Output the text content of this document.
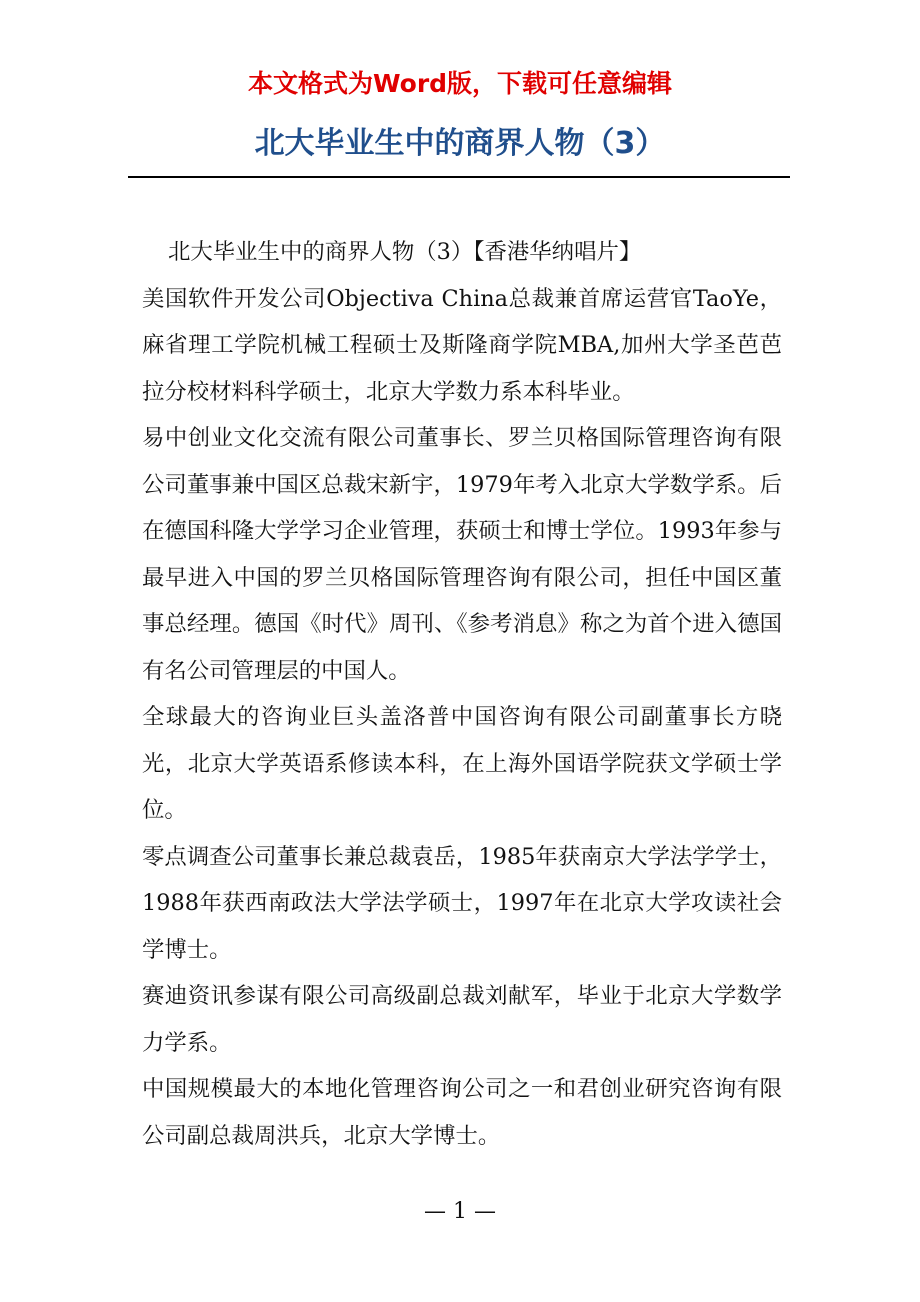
本文格式为Word版，下载可任意编辑
北大毕业生中的商界人物（3）

北大毕业生中的商界人物（3）【香港华纳唱片】

美国软件开发公司Objectiva China总裁兼首席运营官TaoYe，麻省理工学院机械工程硕士及斯隆商学院MBA,加州大学圣芭芭拉分校材料科学硕士，北京大学数力系本科毕业。

易中创业文化交流有限公司董事长、罗兰贝格国际管理咨询有限公司董事兼中国区总裁宋新宇，1979年考入北京大学数学系。后在德国科隆大学学习企业管理，获硕士和博士学位。1993年参与最早进入中国的罗兰贝格国际管理咨询有限公司，担任中国区董事总经理。德国《时代》周刊、《参考消息》称之为首个进入德国有名公司管理层的中国人。

全球最大的咨询业巨头盖洛普中国咨询有限公司副董事长方晓光，北京大学英语系修读本科，在上海外国语学院获文学硕士学位。

零点调查公司董事长兼总裁袁岳，1985年获南京大学法学学士，1988年获西南政法大学法学硕士，1997年在北京大学攻读社会学博士。

赛迪资讯参谋有限公司高级副总裁刘献军，毕业于北京大学数学力学系。

中国规模最大的本地化管理咨询公司之一和君创业研究咨询有限公司副总裁周洪兵，北京大学博士。

— 1 —
